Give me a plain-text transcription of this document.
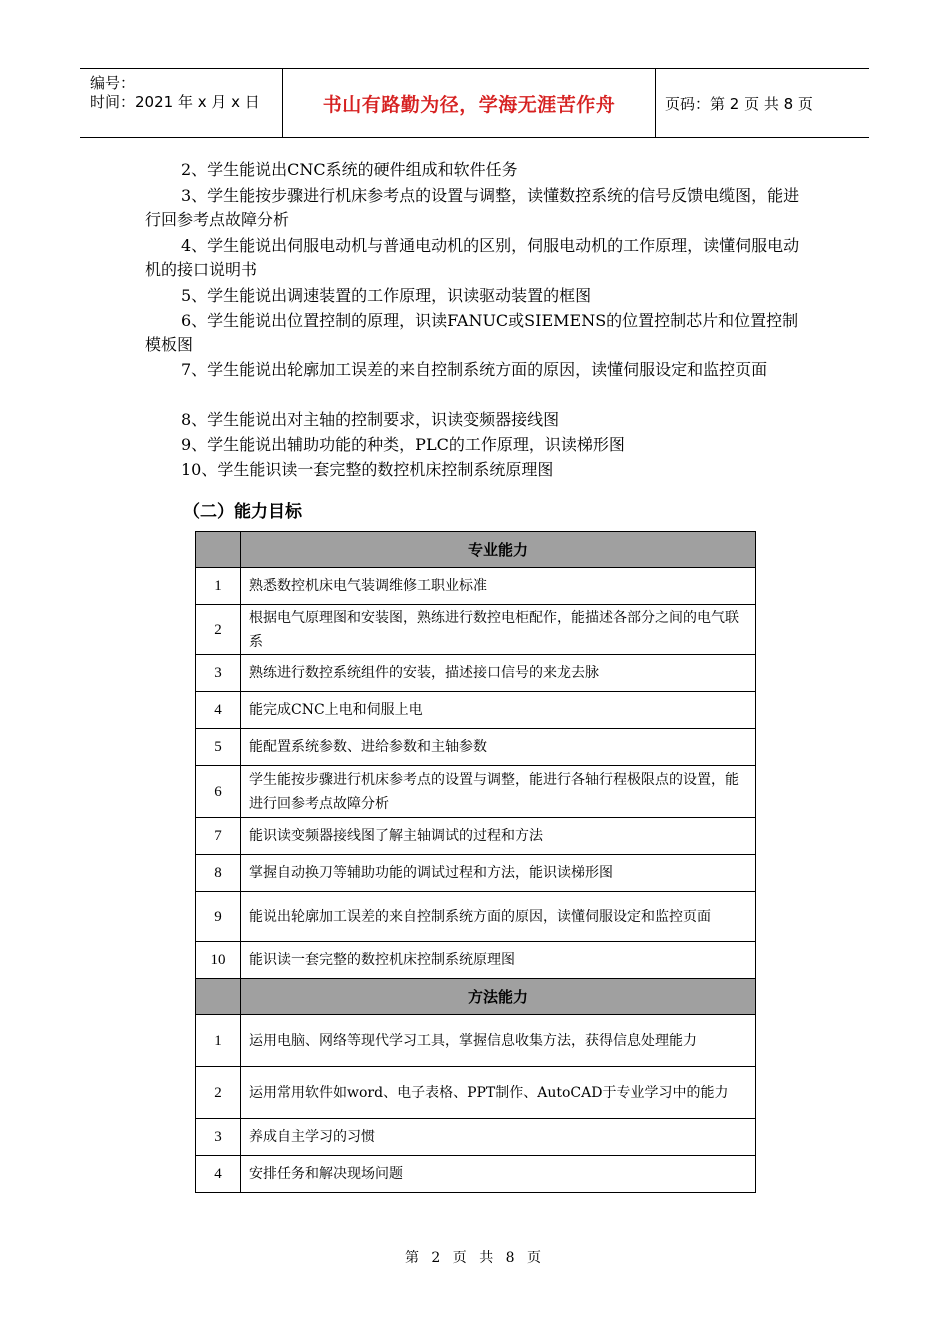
编号：
时间：2021 年 x 月 x 日	书山有路勤为径，学海无涯苦作舟	页码：第 2 页 共 8 页
2、学生能说出CNC系统的硬件组成和软件任务
3、学生能按步骤进行机床参考点的设置与调整，读懂数控系统的信号反馈电缆图，能进行回参考点故障分析
4、学生能说出伺服电动机与普通电动机的区别，伺服电动机的工作原理，读懂伺服电动机的接口说明书
5、学生能说出调速装置的工作原理，识读驱动装置的框图
6、学生能说出位置控制的原理，识读FANUC或SIEMENS的位置控制芯片和位置控制模板图
7、学生能说出轮廓加工误差的来自控制系统方面的原因，读懂伺服设定和监控页面
8、学生能说出对主轴的控制要求，识读变频器接线图
9、学生能说出辅助功能的种类，PLC的工作原理，识读梯形图
10、学生能识读一套完整的数控机床控制系统原理图
（二）能力目标
	专业能力
1	熟悉数控机床电气装调维修工职业标准
2	根据电气原理图和安装图，熟练进行数控电柜配作，能描述各部分之间的电气联系
3	熟练进行数控系统组件的安装，描述接口信号的来龙去脉
4	能完成CNC上电和伺服上电
5	能配置系统参数、进给参数和主轴参数
6	学生能按步骤进行机床参考点的设置与调整，能进行各轴行程极限点的设置，能进行回参考点故障分析
7	能识读变频器接线图了解主轴调试的过程和方法
8	掌握自动换刀等辅助功能的调试过程和方法，能识读梯形图
9	能说出轮廓加工误差的来自控制系统方面的原因，读懂伺服设定和监控页面
10	能识读一套完整的数控机床控制系统原理图
	方法能力
1	运用电脑、网络等现代学习工具，掌握信息收集方法，获得信息处理能力
2	运用常用软件如word、电子表格、PPT制作、AutoCAD于专业学习中的能力
3	养成自主学习的习惯
4	安排任务和解决现场问题
第 2 页 共 8 页
